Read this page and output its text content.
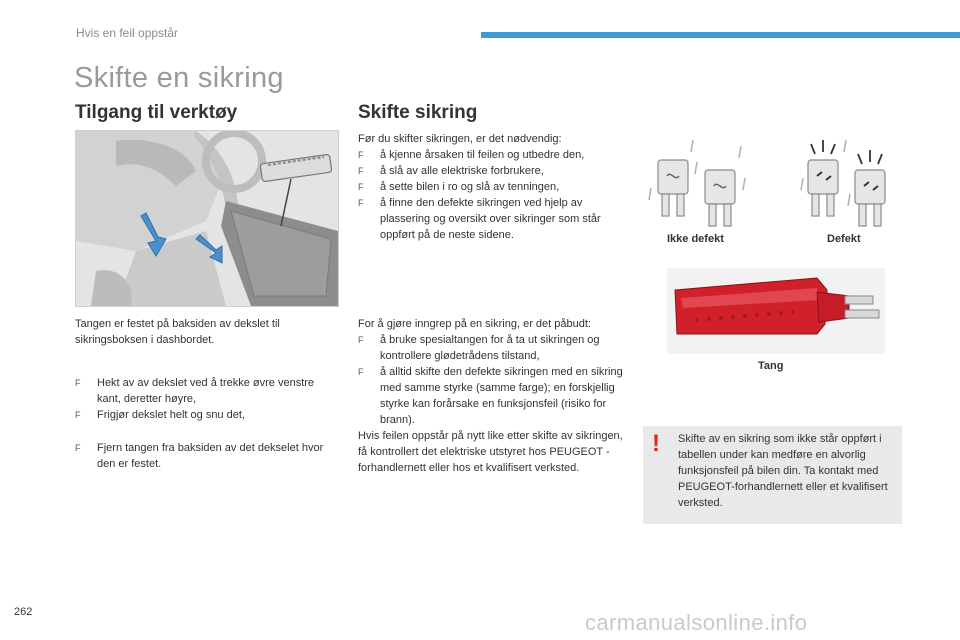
Hvis en feil oppstår
Skifte en sikring
Tilgang til verktøy

Tangen er festet på baksiden av dekslet til sikringsboksen i dashbordet.

F Hekt av av dekslet ved å trekke øvre venstre kant, deretter høyre,
F Frigjør dekslet helt og snu det,
F Fjern tangen fra baksiden av det dekselet hvor den er festet.
Skifte sikring

Før du skifter sikringen, er det nødvendig:

F å kjenne årsaken til feilen og utbedre den,
F å slå av alle elektriske forbrukere,
F å sette bilen i ro og slå av tenningen,
F å finne den defekte sikringen ved hjelp av plassering og oversikt over sikringer som står oppført på de neste sidene.

For å gjøre inngrep på en sikring, er det påbudt:

F å bruke spesialtangen for å ta ut sikringen og kontrollere glødetrådens tilstand,
F å alltid skifte den defekte sikringen med en sikring med samme styrke (samme farge); en forskjellig styrke kan forårsake en funksjonsfeil (risiko for brann).

Hvis feilen oppstår på nytt like etter skifte av sikringen, få kontrollert det elektriske utstyret hos PEUGEOT -forhandlernett eller hos et kvalifisert verksted.

Ikke defekt	Defekt
Tang
! Skifte av en sikring som ikke står oppført i tabellen under kan medføre en alvorlig funksjonsfeil på bilen din. Ta kontakt med PEUGEOT-forhandlernett eller et kvalifisert verksted.
262	carmanualsonline.info
